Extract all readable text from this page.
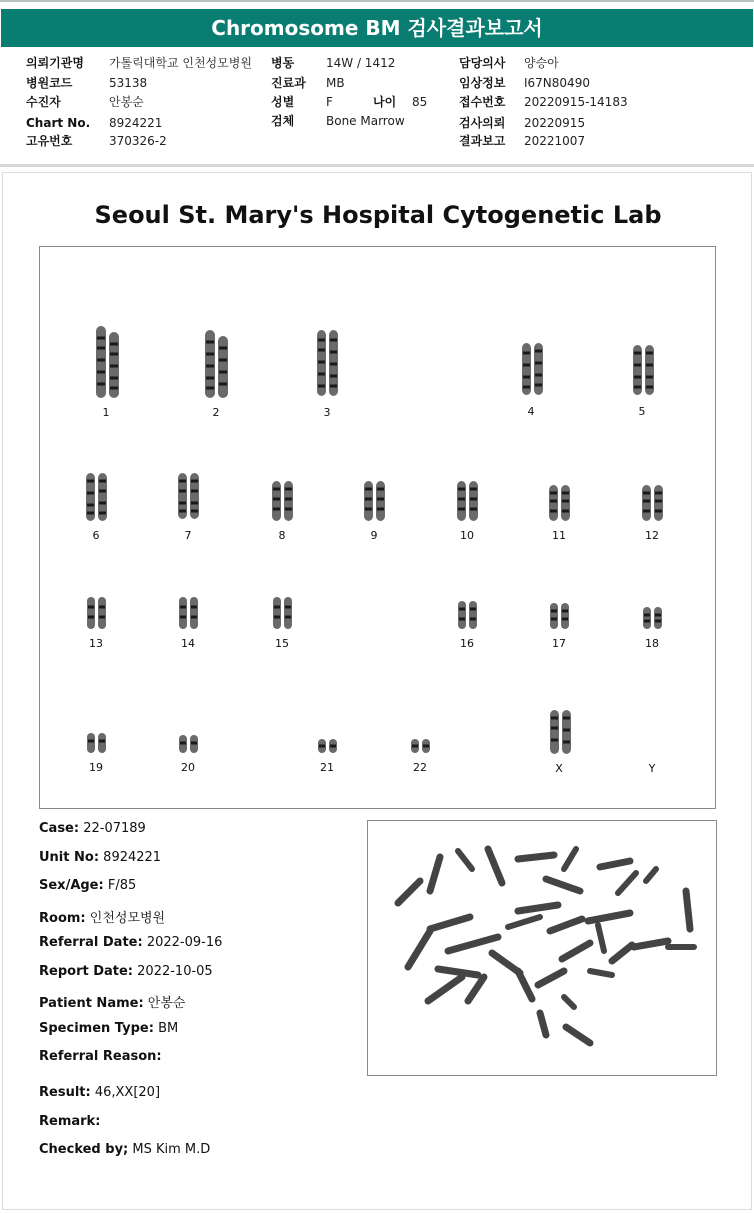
Chromosome BM 검사결과보고서
의뢰기관명 가톨릭대학교 인천성모병원
병원코드	53138
수진자	안봉순
Chart No. 8924221
고유번호	370326-2
병동	14W / 1412
진료과 MB
성별	F	나이 85
검체	Bone Marrow
담당의사 양승아
임상정보 I67N80490
접수번호 20220915-14183
검사의뢰 20220915
결과보고 20221007
Seoul St. Mary's Hospital Cytogenetic Lab
1	2	3	4	5
6	7	8	9	10	11	12
13	14	15	16	17	18
19	20	21	22	X	Y
Case: 22-07189
Unit No: 8924221
Sex/Age: F/85
Room: 인천성모병원
Referral Date: 2022-09-16
Report Date: 2022-10-05
Patient Name: 안봉순
Specimen Type: BM
Referral Reason:
Result: 46,XX[20]
Remark:
Checked by; MS Kim M.D
